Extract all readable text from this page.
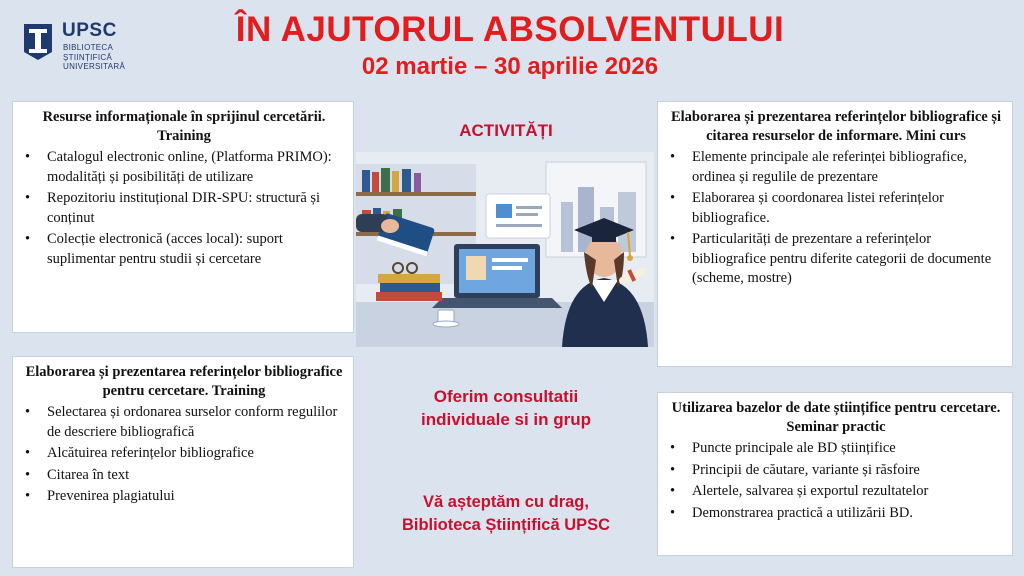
UPSC
BIBLIOTECA
ȘTIINȚIFICĂ
UNIVERSITARĂ
ÎN AJUTORUL ABSOLVENTULUI
02 martie – 30 aprilie 2026
Resurse informaționale în sprijinul cercetării. Training
• Catalogul electronic online, (Platforma PRIMO): modalități și posibilități de utilizare
• Repozitoriu instituțional DIR-SPU: structură și conținut
• Colecție electronică (acces local): suport suplimentar pentru studii și cercetare
Elaborarea și prezentarea referințelor bibliografice pentru cercetare. Training
• Selectarea și ordonarea surselor conform regulilor de descriere bibliografică
• Alcătuirea referințelor bibliografice
• Citarea în text
• Prevenirea plagiatului
Elaborarea și prezentarea referințelor bibliografice și citarea resurselor de informare. Mini curs
• Elemente principale ale referinței bibliografice, ordinea și regulile de prezentare
• Elaborarea și coordonarea listei referințelor bibliografice.
• Particularități de prezentare a referințelor bibliografice pentru diferite categorii de documente (scheme, mostre)
Utilizarea bazelor de date științifice pentru cercetare. Seminar practic
• Puncte principale ale BD științifice
• Principii de căutare, variante și răsfoire
• Alertele, salvarea și exportul rezultatelor
• Demonstrarea practică a utilizării BD.
ACTIVITĂȚI
Oferim consultatii
individuale si in grup
Vă așteptăm cu drag,
Biblioteca Științifică UPSC
